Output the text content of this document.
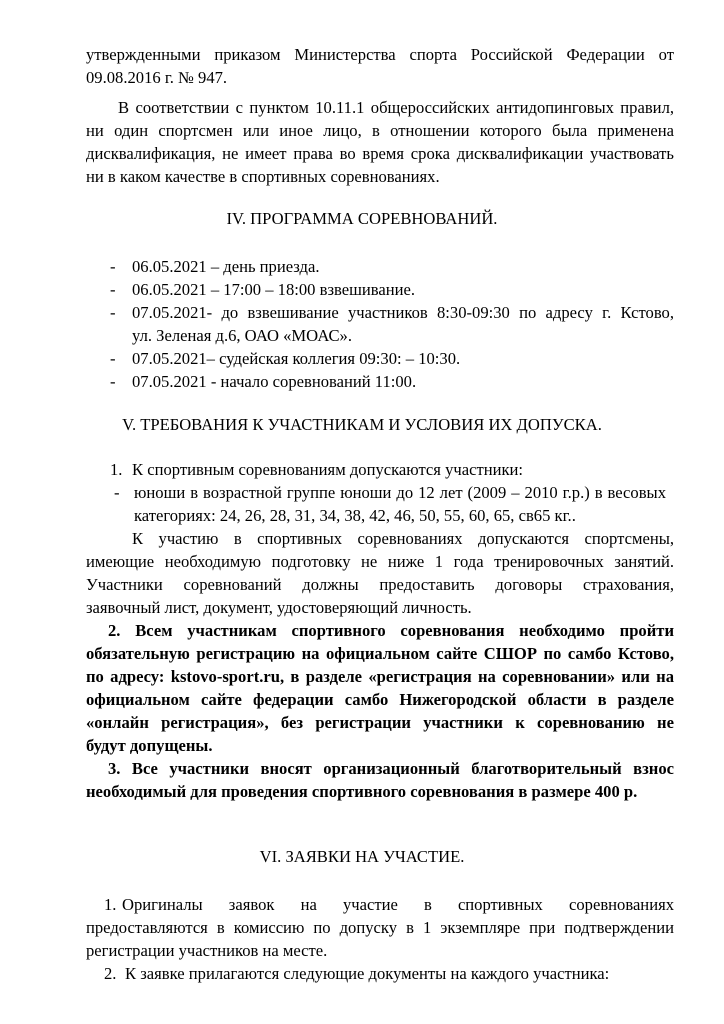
утвержденными приказом Министерства спорта Российской Федерации от
09.08.2016 г. № 947.
В соответствии с пунктом 10.11.1 общероссийских антидопинговых правил,
ни один спортсмен или иное лицо, в отношении которого была применена
дисквалификация, не имеет права во время срока дисквалификации участвовать
ни в каком качестве в спортивных соревнованиях.
IV. ПРОГРАММА СОРЕВНОВАНИЙ.
- 06.05.2021 – день приезда.
- 06.05.2021 – 17:00 – 18:00 взвешивание.
- 07.05.2021- до взвешивание участников 8:30-09:30 по адресу г. Кстово,
ул. Зеленая д.6, ОАО «МОАС».
- 07.05.2021– судейская коллегия 09:30: – 10:30.
- 07.05.2021 - начало соревнований 11:00.
V. ТРЕБОВАНИЯ К УЧАСТНИКАМ И УСЛОВИЯ ИХ ДОПУСКА.
1. К спортивным соревнованиям допускаются участники:
- юноши в возрастной группе юноши до 12 лет (2009 – 2010 г.р.) в весовых
категориях: 24, 26, 28, 31, 34, 38, 42, 46, 50, 55, 60, 65, св65 кг..
К участию в спортивных соревнованиях допускаются спортсмены,
имеющие необходимую подготовку не ниже 1 года тренировочных занятий.
Участники соревнований должны предоставить договоры страхования,
заявочный лист, документ, удостоверяющий личность.
2. Всем участникам спортивного соревнования необходимо пройти
обязательную регистрацию на официальном сайте СШОР по самбо Кстово,
по адресу: kstovo-sport.ru, в разделе «регистрация на соревновании» или на
официальном сайте федерации самбо Нижегородской области в разделе
«онлайн регистрация», без регистрации участники к соревнованию не
будут допущены.
3. Все участники вносят организационный благотворительный взнос
необходимый для проведения спортивного соревнования в размере 400 р.
VI. ЗАЯВКИ НА УЧАСТИЕ.
1. Оригиналы заявок на участие в спортивных соревнованиях
предоставляются в комиссию по допуску в 1 экземпляре при подтверждении
регистрации участников на месте.
2. К заявке прилагаются следующие документы на каждого участника:
